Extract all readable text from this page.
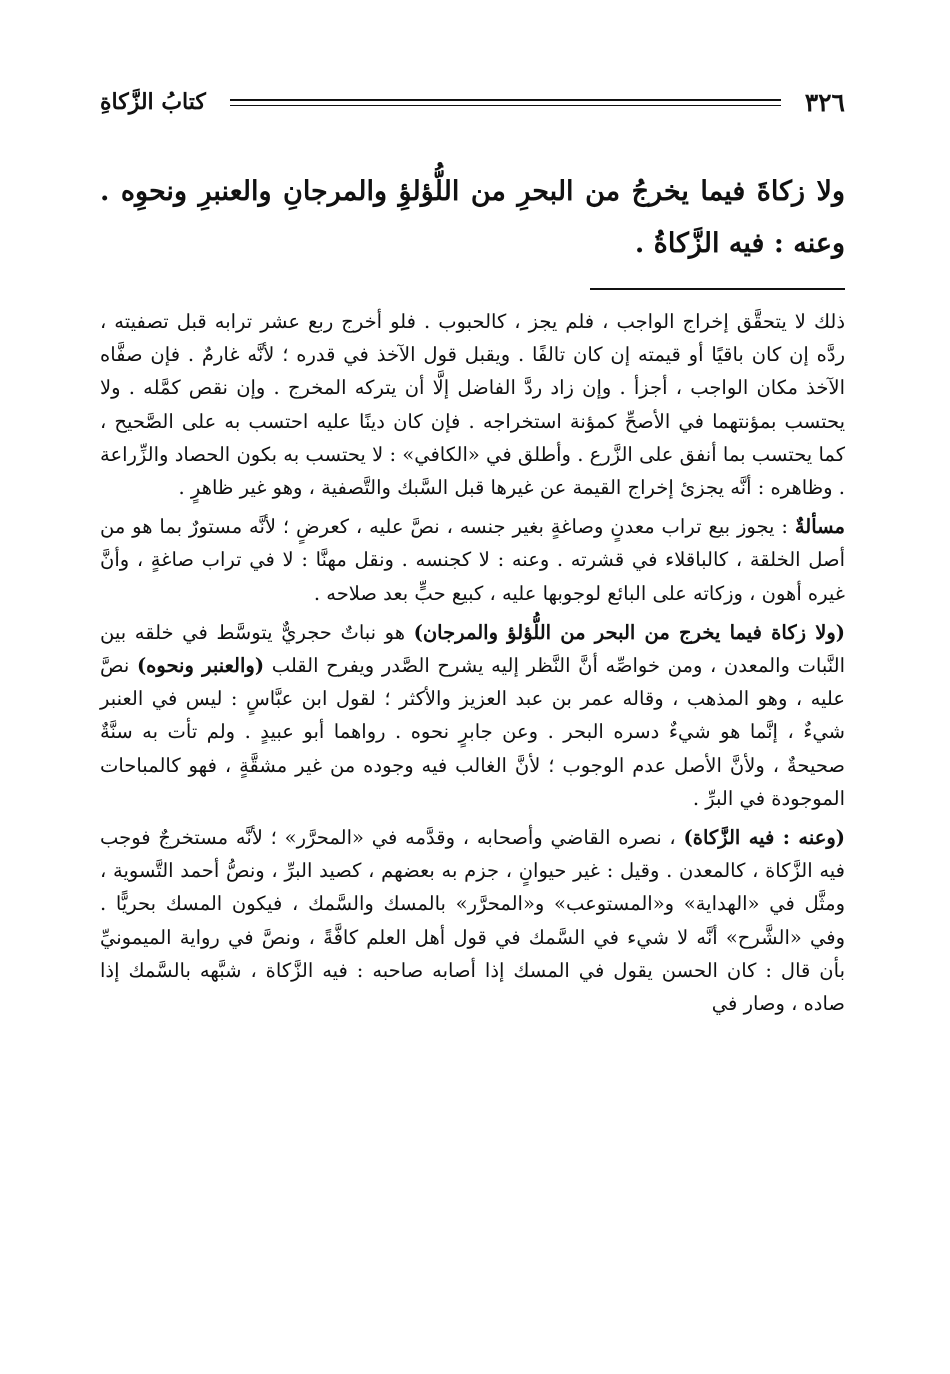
٣٢٦
كتابُ الزَّكاةِ

ولا زكاةَ فيما يخرجُ من البحرِ من اللُّؤلؤِ والمرجانِ والعنبرِ ونحوِه . وعنه : فيه الزَّكاةُ .

ذلك لا يتحقَّق إخراج الواجب ، فلم يجز ، كالحبوب . فلو أخرج ربع عشر ترابه قبل تصفيته ، ردَّه إن كان باقيًا أو قيمته إن كان تالفًا . ويقبل قول الآخذ في قدره ؛ لأنَّه غارمٌ . فإن صفَّاه الآخذ مكان الواجب ، أجزأ . وإن زاد ردَّ الفاضل إلَّا أن يتركه المخرج . وإن نقص كمَّله . ولا يحتسب بمؤنتهما في الأصحِّ كمؤنة استخراجه . فإن كان دينًا عليه احتسب به على الصَّحيح ، كما يحتسب بما أنفق على الزَّرع . وأطلق في «الكافي» : لا يحتسب به بكون الحصاد والزِّراعة . وظاهره : أنَّه يجزئ إخراج القيمة عن غيرها قبل السَّبك والتَّصفية ، وهو غير ظاهرٍ .

مسألةٌ : يجوز بيع تراب معدنٍ وصاغةٍ بغير جنسه ، نصَّ عليه ، كعرضٍ ؛ لأنَّه مستورٌ بما هو من أصل الخلقة ، كالباقلاء في قشرته . وعنه : لا كجنسه . ونقل مهنَّا : لا في تراب صاغةٍ ، وأنَّ غيره أهون ، وزكاته على البائع لوجوبها عليه ، كبيع حبٍّ بعد صلاحه .

(ولا زكاة فيما يخرج من البحر من اللُّؤلؤ والمرجان) هو نباتٌ حجريٌّ يتوسَّط في خلقه بين النَّبات والمعدن ، ومن خواصِّه أنَّ النَّظر إليه يشرح الصَّدر ويفرح القلب (والعنبر ونحوه) نصَّ عليه ، وهو المذهب ، وقاله عمر بن عبد العزيز والأكثر ؛ لقول ابن عبَّاسٍ : ليس في العنبر شيءٌ ، إنَّما هو شيءٌ دسره البحر . وعن جابرٍ نحوه . رواهما أبو عبيدٍ . ولم تأت به سنَّةٌ صحيحةٌ ، ولأنَّ الأصل عدم الوجوب ؛ لأنَّ الغالب فيه وجوده من غير مشقَّةٍ ، فهو كالمباحات الموجودة في البرِّ .

(وعنه : فيه الزَّكاة) ، نصره القاضي وأصحابه ، وقدَّمه في «المحرَّر» ؛ لأنَّه مستخرجٌ فوجب فيه الزَّكاة ، كالمعدن . وقيل : غير حيوانٍ ، جزم به بعضهم ، كصيد البرِّ ، ونصُّ أحمد التَّسوية ، ومثَّل في «الهداية» و«المستوعب» و«المحرَّر» بالمسك والسَّمك ، فيكون المسك بحريًّا . وفي «الشَّرح» أنَّه لا شيء في السَّمك في قول أهل العلم كافَّةً ، ونصَّ في رواية الميمونيِّ بأن قال : كان الحسن يقول في المسك إذا أصابه صاحبه : فيه الزَّكاة ، شبَّهه بالسَّمك إذا صاده ، وصار في
